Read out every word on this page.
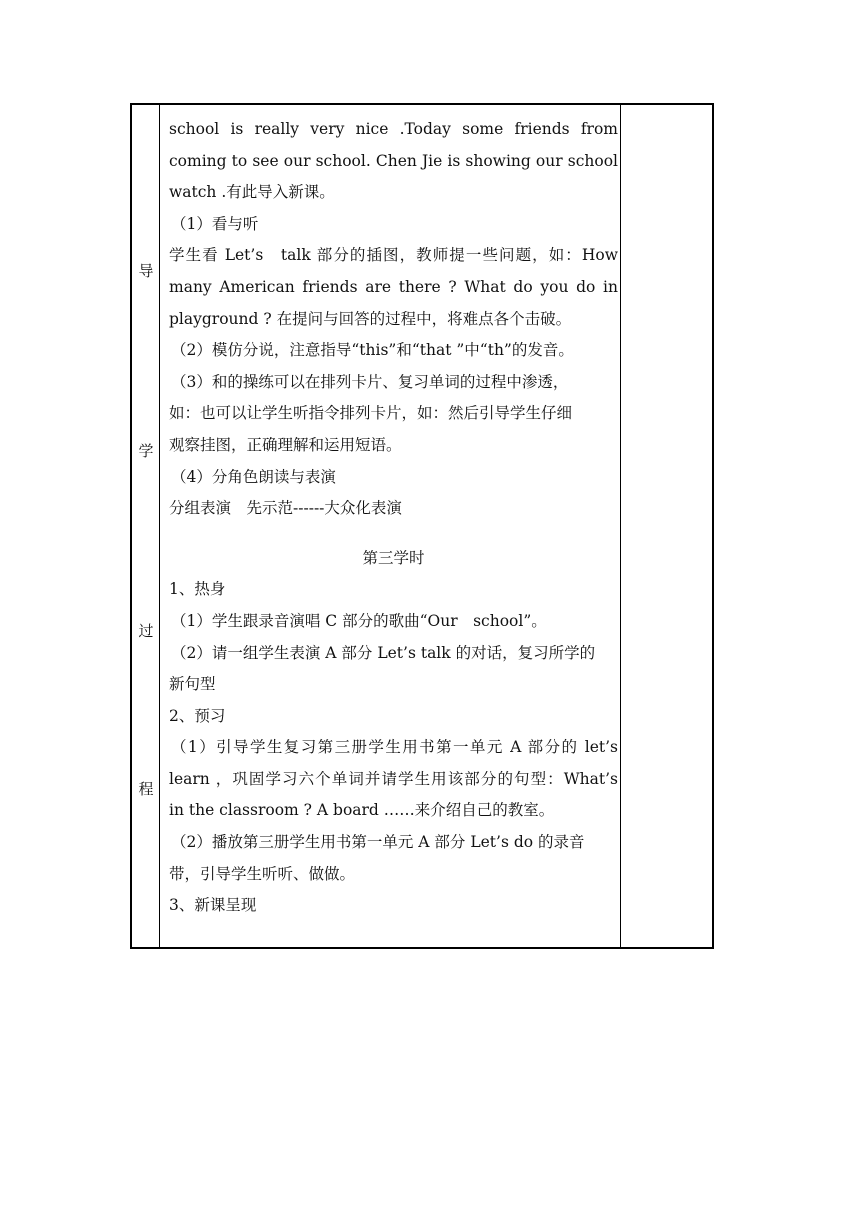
导
学
过
程
school is really very nice .Today some friends from
coming to see our school. Chen Jie is showing our school
watch .有此导入新课。
（1）看与听
学生看 Let’s　talk 部分的插图，教师提一些问题，如：How
many American friends are there ? What do you do in
playground ? 在提问与回答的过程中，将难点各个击破。
（2）模仿分说，注意指导“this”和“that ”中“th”的发音。
（3）和的操练可以在排列卡片、复习单词的过程中渗透，
如：也可以让学生听指令排列卡片，如：然后引导学生仔细
观察挂图，正确理解和运用短语。
（4）分角色朗读与表演
分组表演　先示范------大众化表演
第三学时
1、热身
（1）学生跟录音演唱 C 部分的歌曲“Our　school”。
（2）请一组学生表演 A 部分 Let’s talk 的对话，复习所学的
新句型
2、预习
（1）引导学生复习第三册学生用书第一单元 A 部分的 let’s
learn ，巩固学习六个单词并请学生用该部分的句型：What’s
in the classroom ? A board ……来介绍自己的教室。
（2）播放第三册学生用书第一单元 A 部分 Let’s do 的录音
带，引导学生听听、做做。
3、新课呈现
